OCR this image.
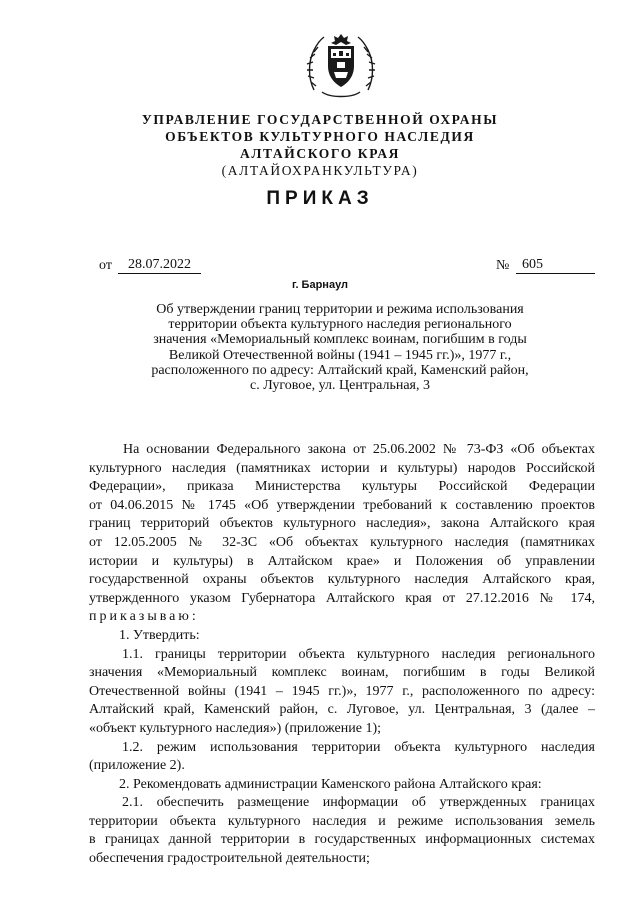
УПРАВЛЕНИЕ ГОСУДАРСТВЕННОЙ ОХРАНЫ
ОБЪЕКТОВ КУЛЬТУРНОГО НАСЛЕДИЯ
АЛТАЙСКОГО КРАЯ
(АЛТАЙОХРАНКУЛЬТУРА)
ПРИКАЗ
от	28.07.2022	№ 605
г. Барнаул
Об утверждении границ территории и режима использования
территории объекта культурного наследия регионального
значения «Мемориальный комплекс воинам, погибшим в годы
Великой Отечественной войны (1941 – 1945 гг.)», 1977 г.,
расположенного по адресу: Алтайский край, Каменский район,
с. Луговое, ул. Центральная, 3
На основании Федерального закона от 25.06.2002 № 73-ФЗ «Об объектах
культурного наследия (памятниках истории и культуры) народов Российской
Федерации», приказа Министерства культуры Российской Федерации
от 04.06.2015 № 1745 «Об утверждении требований к составлению проектов
границ территорий объектов культурного наследия», закона Алтайского края
от 12.05.2005 № 32-ЗС «Об объектах культурного наследия (памятниках
истории и культуры) в Алтайском крае» и Положения об управлении
государственной охраны объектов культурного наследия Алтайского края,
утвержденного указом Губернатора Алтайского края от 27.12.2016 № 174,
приказываю:
1. Утвердить:
1.1. границы территории объекта культурного наследия регионального
значения «Мемориальный комплекс воинам, погибшим в годы Великой
Отечественной войны (1941 – 1945 гг.)», 1977 г., расположенного по адресу:
Алтайский край, Каменский район, с. Луговое, ул. Центральная, 3 (далее –
«объект культурного наследия») (приложение 1);
1.2. режим использования территории объекта культурного наследия
(приложение 2).
2. Рекомендовать администрации Каменского района Алтайского края:
2.1. обеспечить размещение информации об утвержденных границах
территории объекта культурного наследия и режиме использования земель
в границах данной территории в государственных информационных системах
обеспечения градостроительной деятельности;
